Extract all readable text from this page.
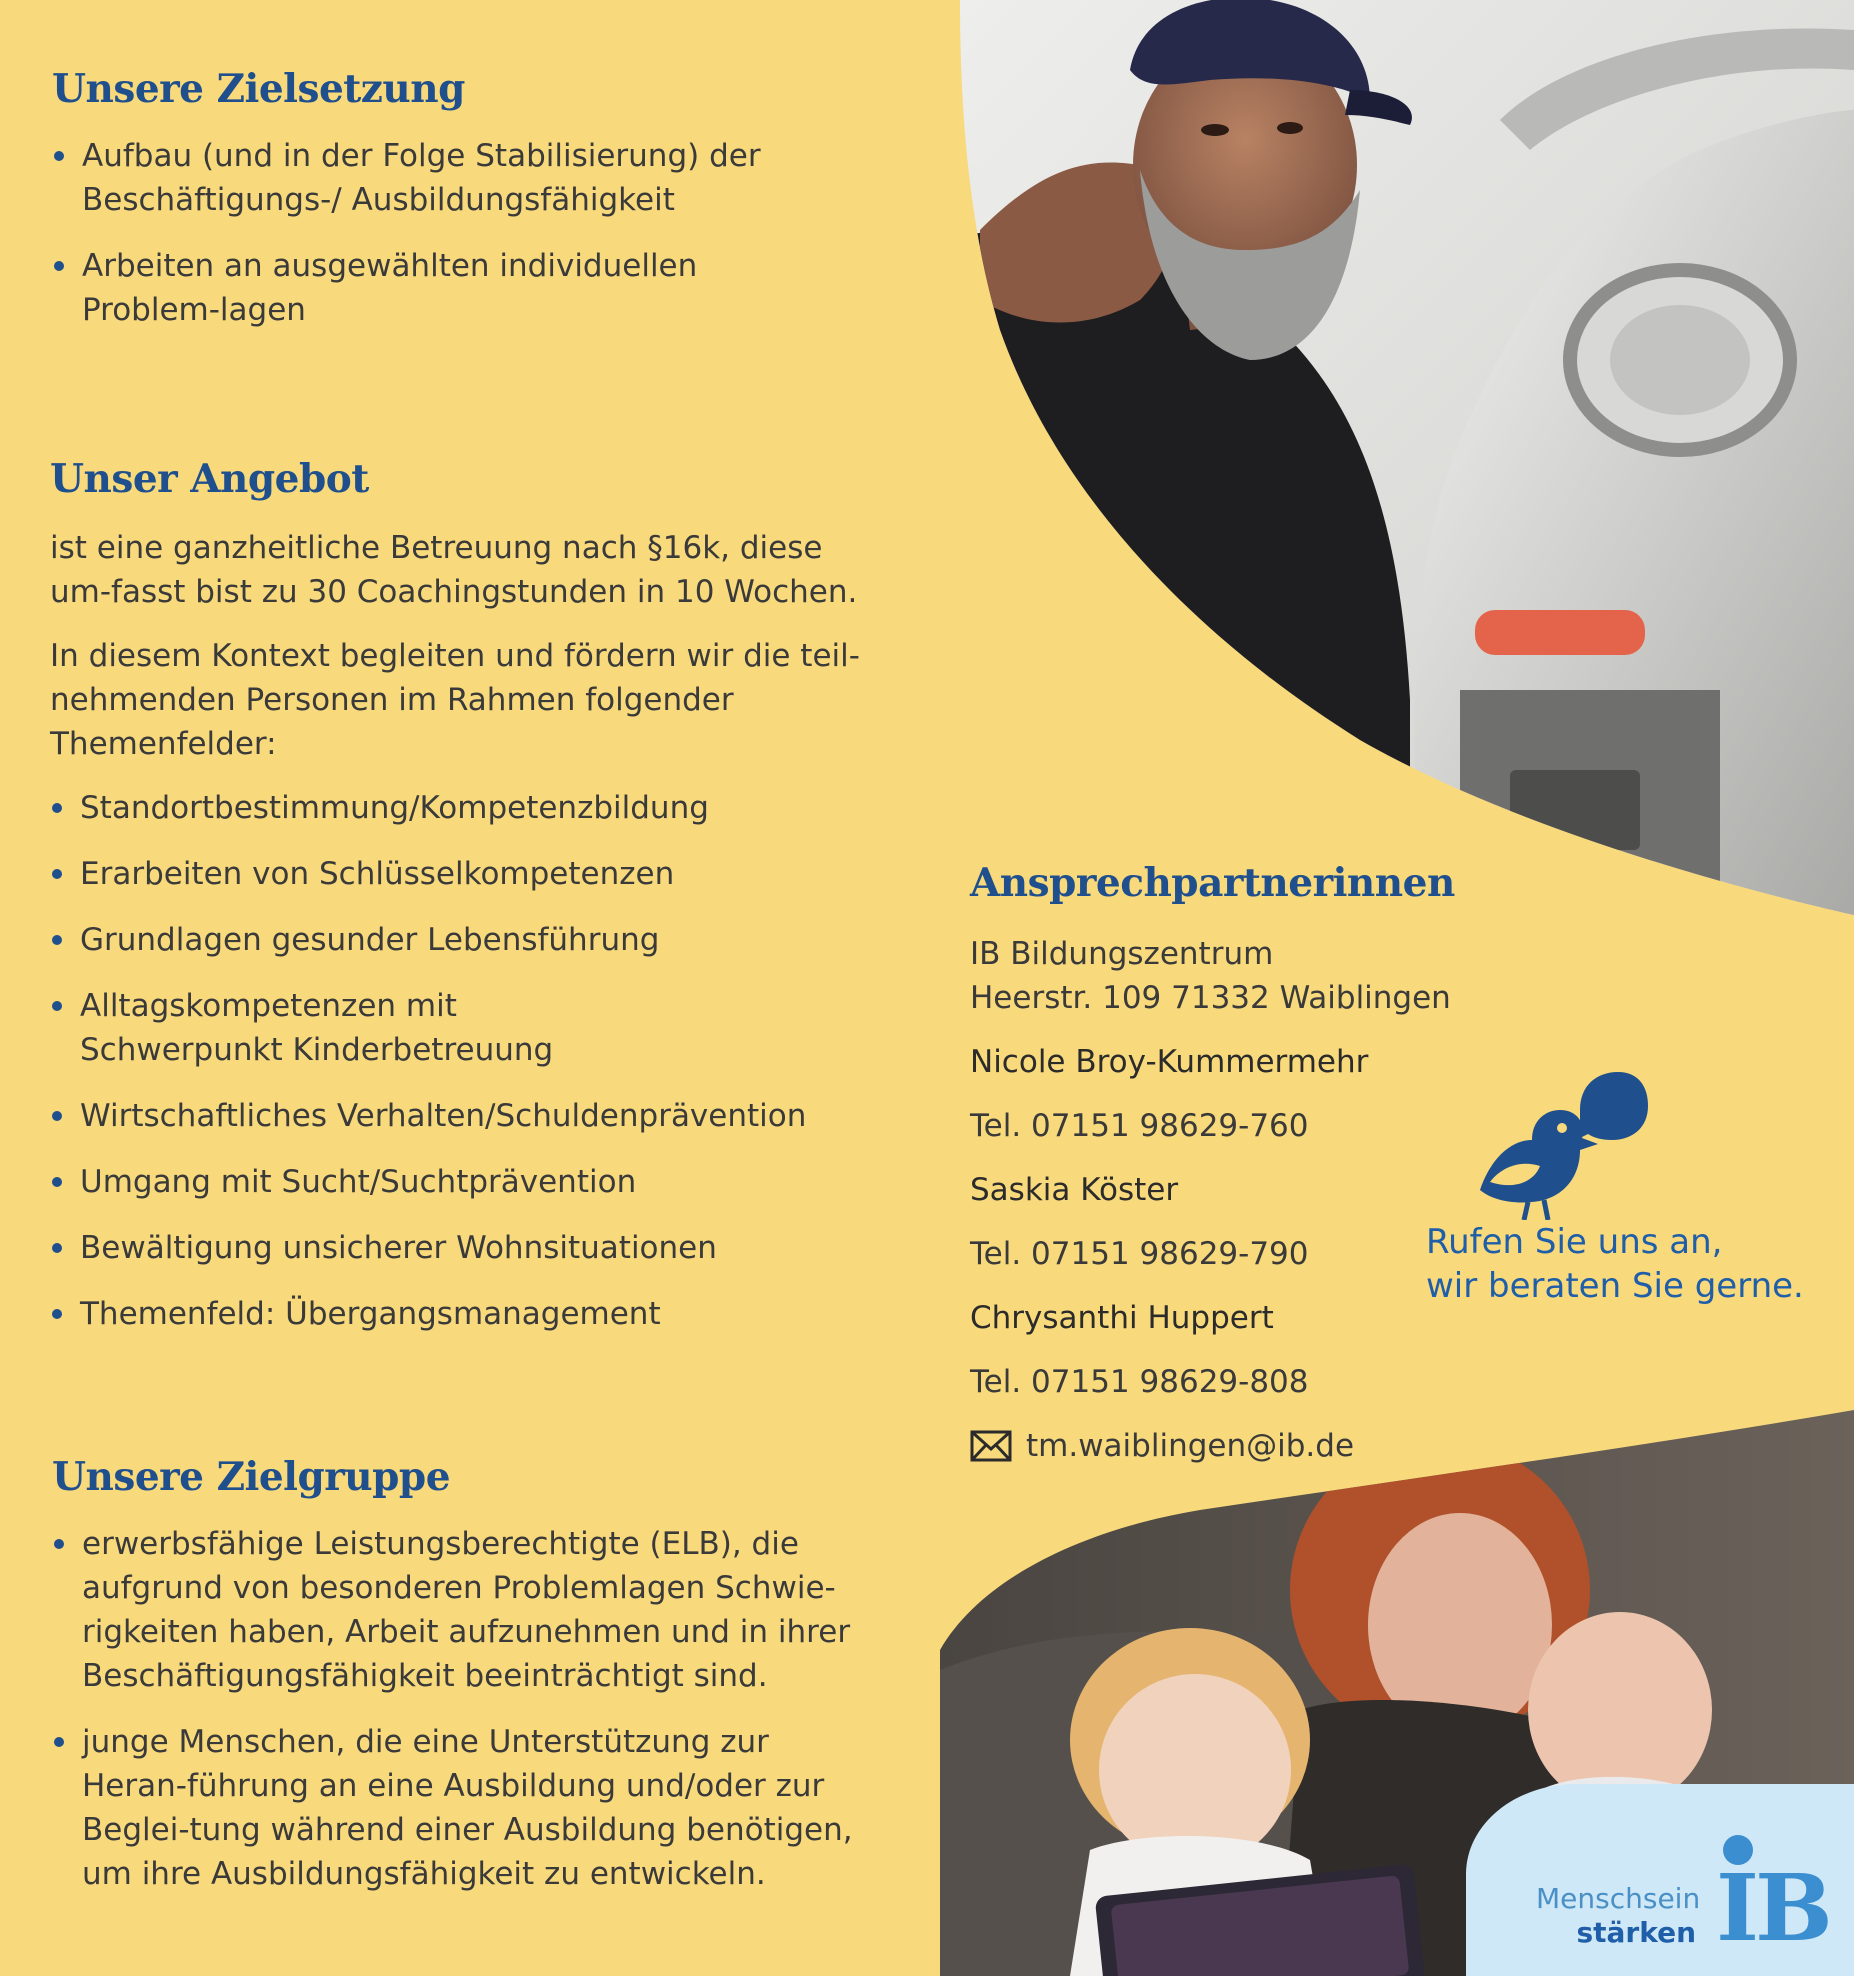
Unsere Zielsetzung
Aufbau (und in der Folge Stabilisierung) der Beschäftigungs-/ Ausbildungsfähigkeit
Arbeiten an ausgewählten individuellen Problem-lagen
Unser Angebot

ist eine ganzheitliche Betreuung nach §16k, diese um-fasst bist zu 30 Coachingstunden in 10 Wochen.

In diesem Kontext begleiten und fördern wir die teil-nehmenden Personen im Rahmen folgender Themenfelder:

Standortbestimmung/Kompetenzbildung
Erarbeiten von Schlüsselkompetenzen
Grundlagen gesunder Lebensführung
Alltagskompetenzen mit Schwerpunkt Kinderbetreuung
Wirtschaftliches Verhalten/Schuldenprävention
Umgang mit Sucht/Suchtprävention
Bewältigung unsicherer Wohnsituationen
Themenfeld: Übergangsmanagement
Unsere Zielgruppe
erwerbsfähige Leistungsberechtigte (ELB), die aufgrund von besonderen Problemlagen Schwie-rigkeiten haben, Arbeit aufzunehmen und in ihrer Beschäftigungsfähigkeit beeinträchtigt sind.
junge Menschen, die eine Unterstützung zur Heran-führung an eine Ausbildung und/oder zur Beglei-tung während einer Ausbildung benötigen, um ihre Ausbildungsfähigkeit zu entwickeln.
Ansprechpartnerinnen

IB Bildungszentrum

Heerstr. 109 71332 Waiblingen

Nicole Broy-Kummermehr

Tel. 07151 98629-760

Saskia Köster

Tel. 07151 98629-790

Chrysanthi Huppert

Tel. 07151 98629-808

tm.waiblingen@ib.de
Rufen Sie uns an,
wir beraten Sie gerne.
Menschsein
stärken IB
